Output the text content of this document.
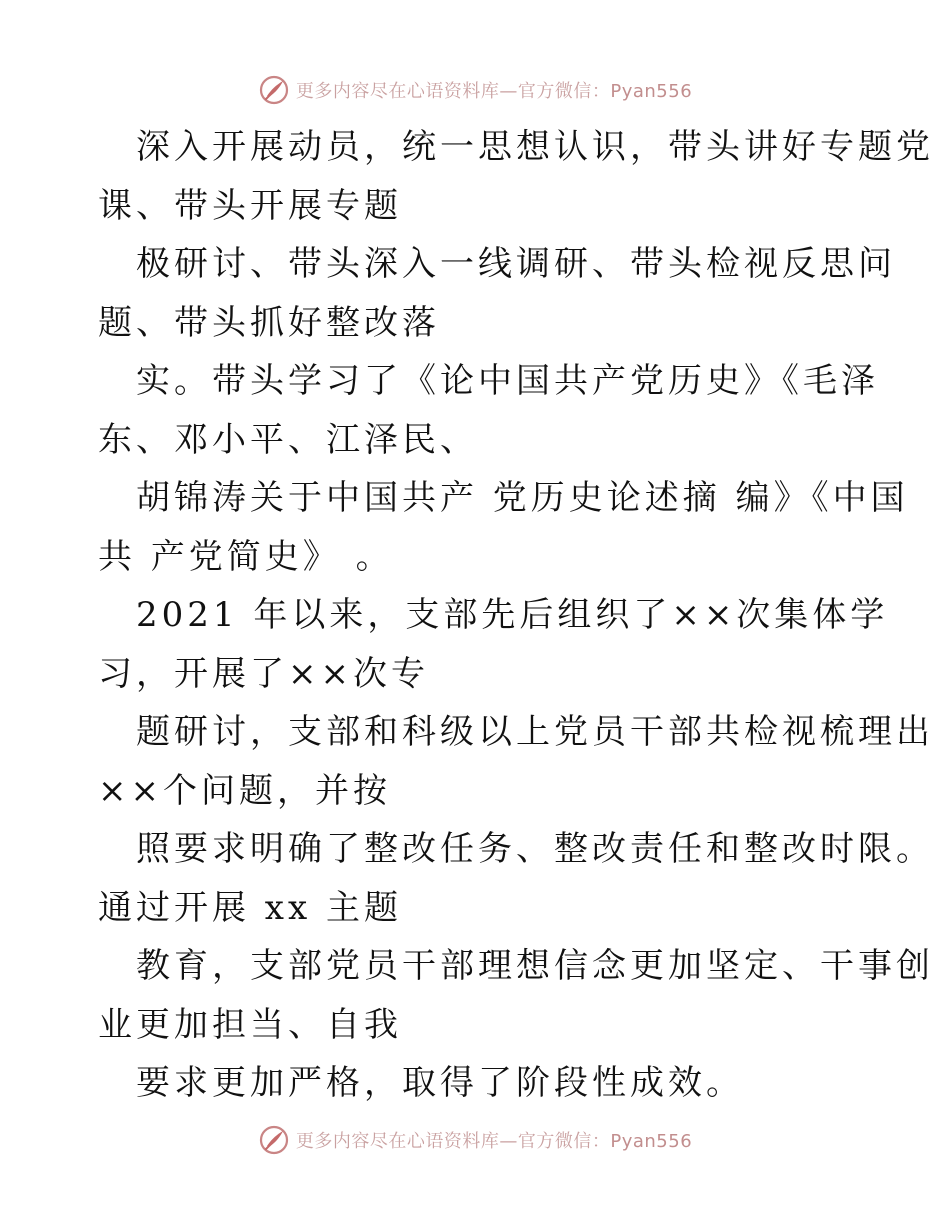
更多内容尽在心语资料库—官方微信：Pyan556

深入开展动员，统一思想认识，带头讲好专题党
课、带头开展专题

极研讨、带头深入一线调研、带头检视反思问
题、带头抓好整改落

实。带头学习了《论中国共产党历史》《毛泽
东、邓小平、江泽民、

胡锦涛关于中国共产 党历史论述摘 编》《中国
共 产党简史》 。

2021 年以来，支部先后组织了××次集体学
习，开展了××次专

题研讨，支部和科级以上党员干部共检视梳理出
××个问题，并按

照要求明确了整改任务、整改责任和整改时限。
通过开展 xx 主题

教育，支部党员干部理想信念更加坚定、干事创
业更加担当、自我

要求更加严格，取得了阶段性成效。

更多内容尽在心语资料库—官方微信：Pyan556
